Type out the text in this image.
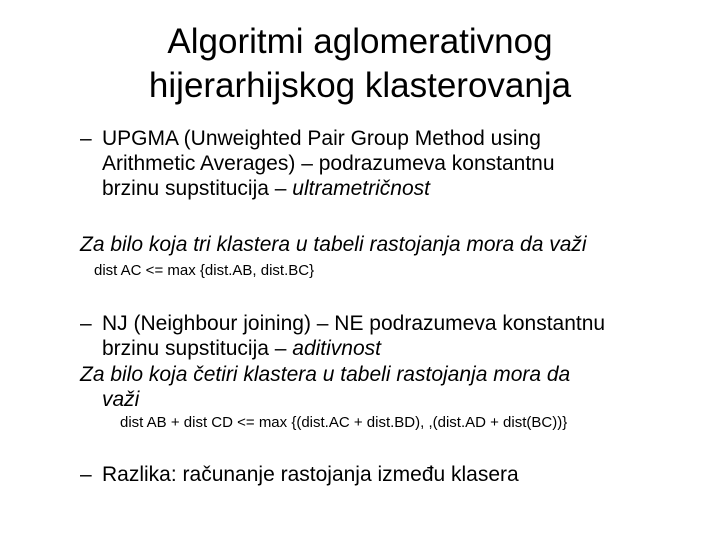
Algoritmi aglomerativnog
hijerarhijskog klasterovanja
– UPGMA (Unweighted Pair Group Method using
Arithmetic Averages) – podrazumeva konstantnu
brzinu supstitucija – ultrametričnost
Za bilo koja tri klastera u tabeli rastojanja mora da važi
dist AC <= max {dist.AB, dist.BC}
– NJ (Neighbour joining) – NE podrazumeva konstantnu
brzinu supstitucija – aditivnost
Za bilo koja četiri klastera u tabeli rastojanja mora da
važi
dist AB + dist CD <= max {(dist.AC + dist.BD), ,(dist.AD + dist(BC))}
– Razlika: računanje rastojanja između klasera
